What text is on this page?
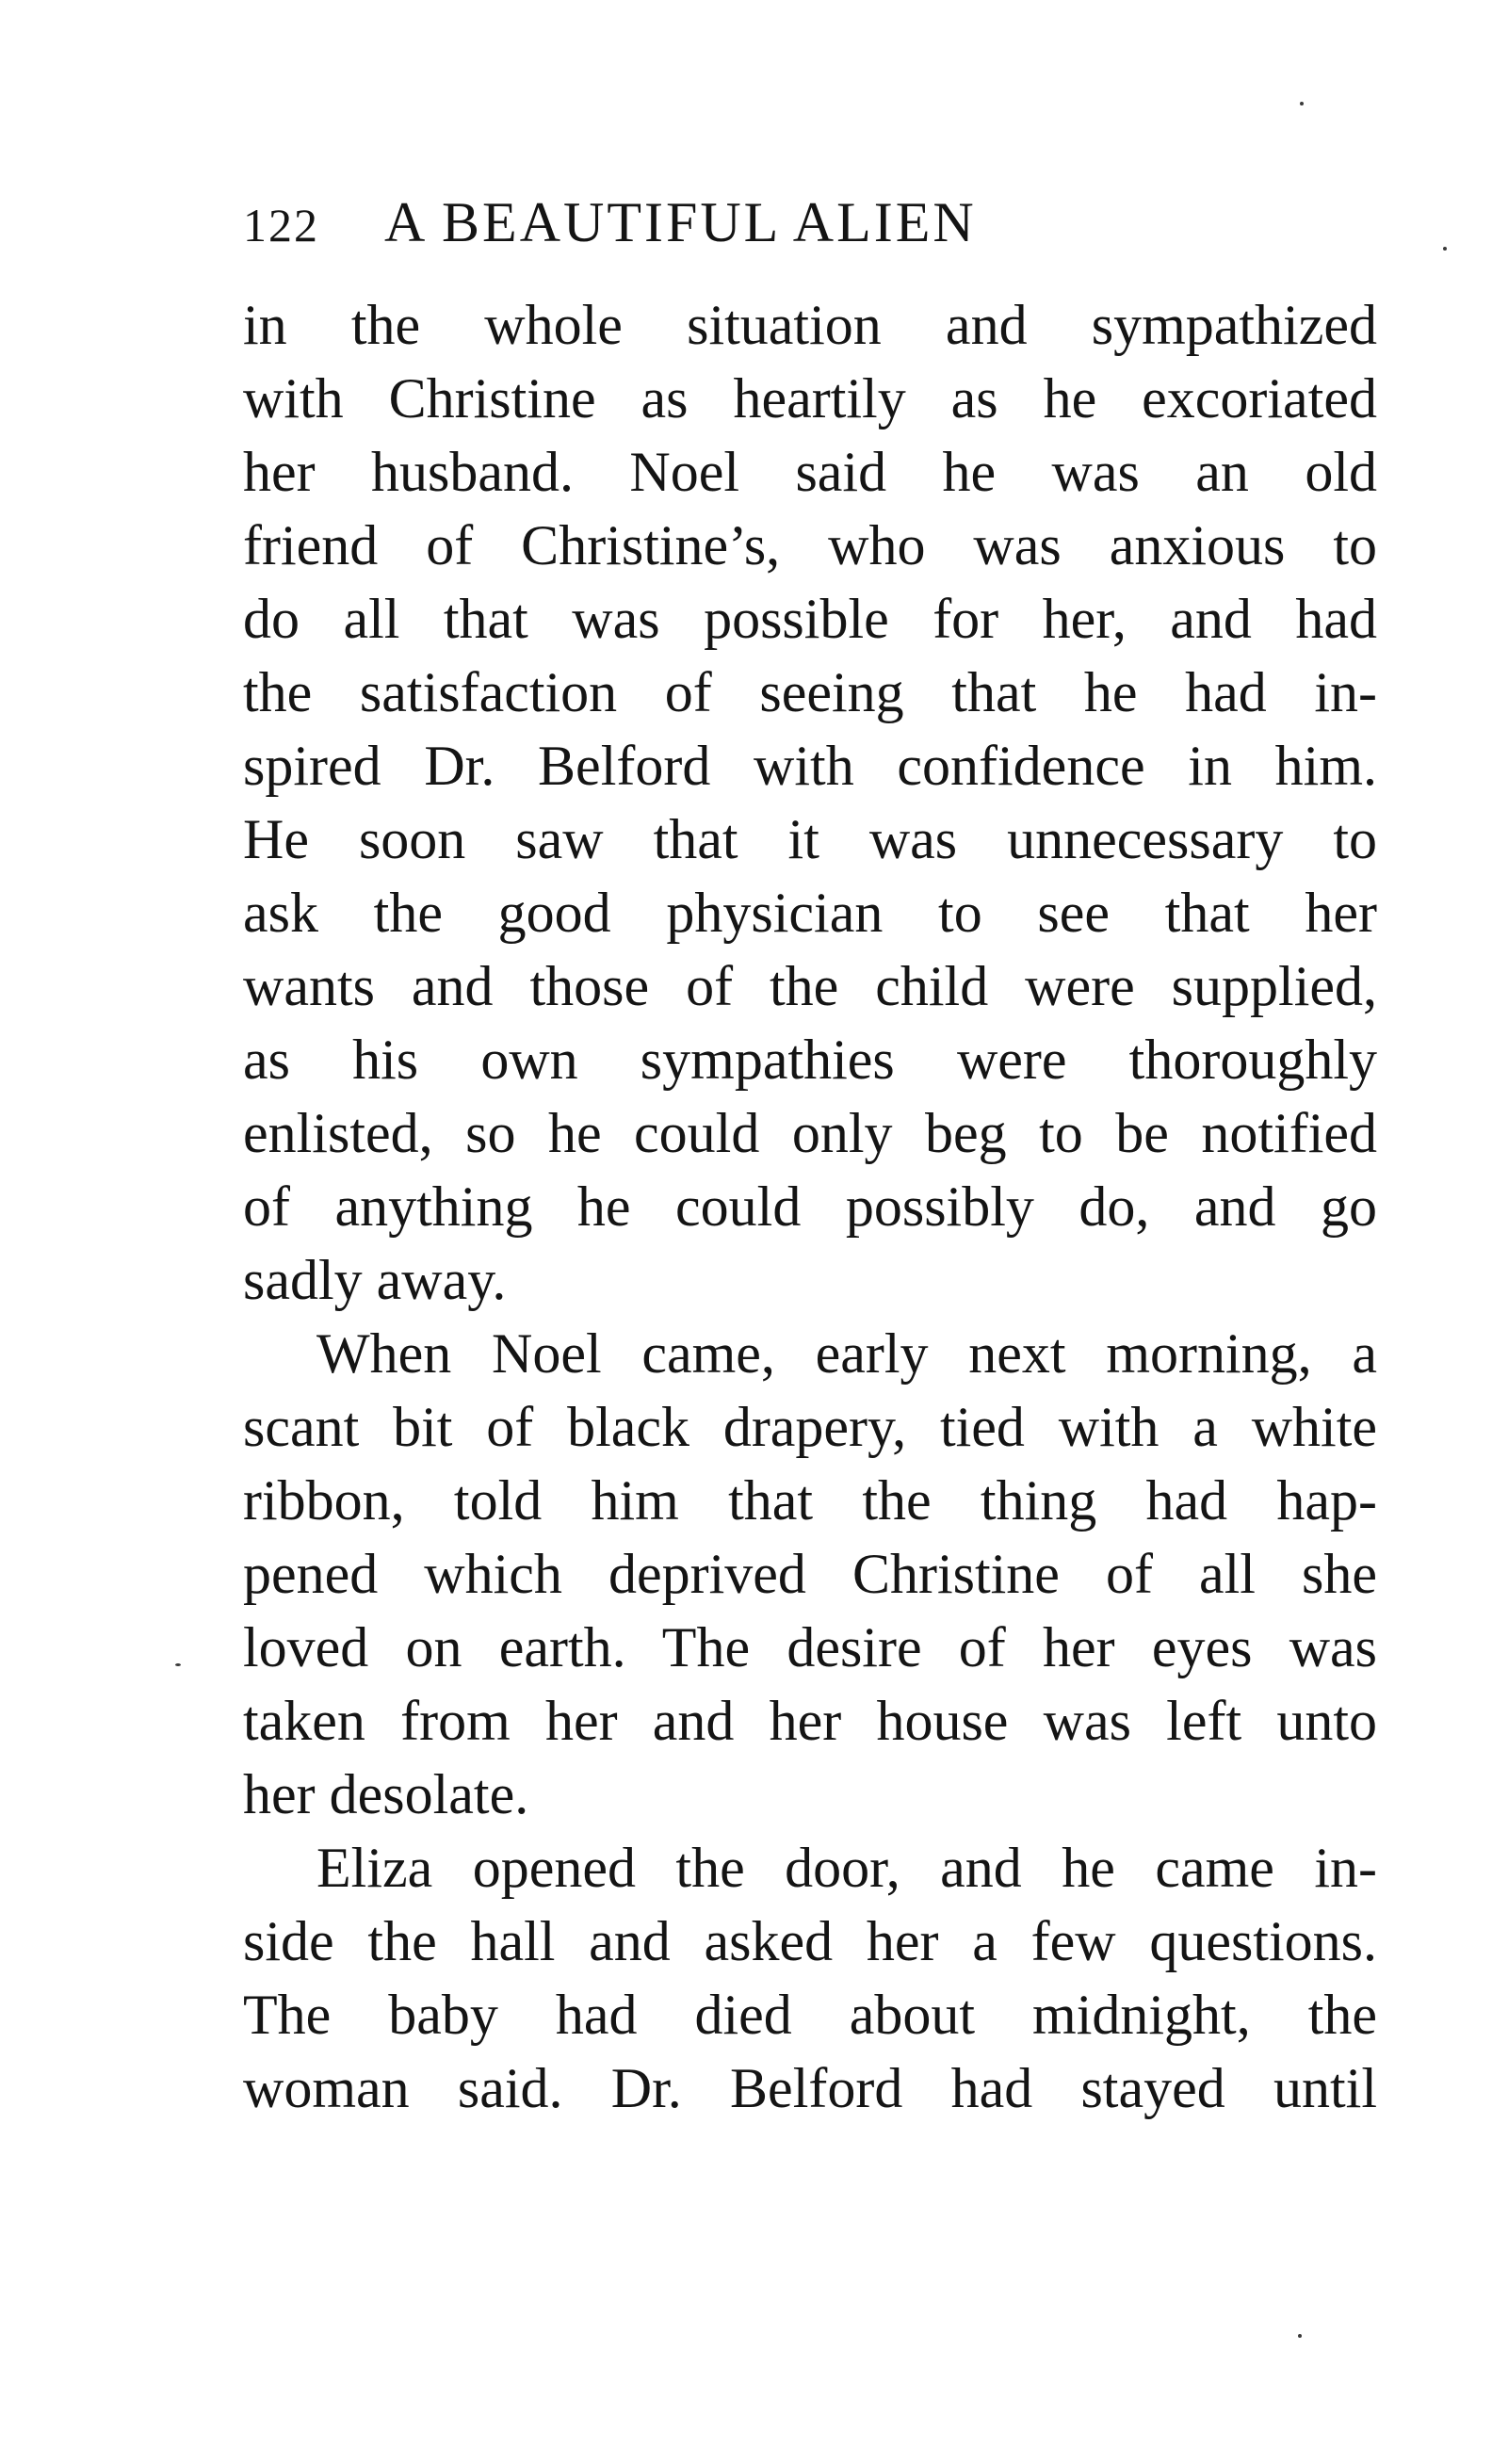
122 A BEAUTIFUL ALIEN
in the whole situation and sympathized
with Christine as heartily as he excoriated
her husband. Noel said he was an old
friend of Christine’s, who was anxious to
do all that was possible for her, and had
the satisfaction of seeing that he had in-
spired Dr. Belford with confidence in him.
He soon saw that it was unnecessary to
ask the good physician to see that her
wants and those of the child were supplied,
as his own sympathies were thoroughly
enlisted, so he could only beg to be notified
of anything he could possibly do, and go
sadly away.
When Noel came, early next morning, a
scant bit of black drapery, tied with a white
ribbon, told him that the thing had hap-
pened which deprived Christine of all she
loved on earth. The desire of her eyes was
taken from her and her house was left unto
her desolate.
Eliza opened the door, and he came in-
side the hall and asked her a few questions.
The baby had died about midnight, the
woman said. Dr. Belford had stayed until
